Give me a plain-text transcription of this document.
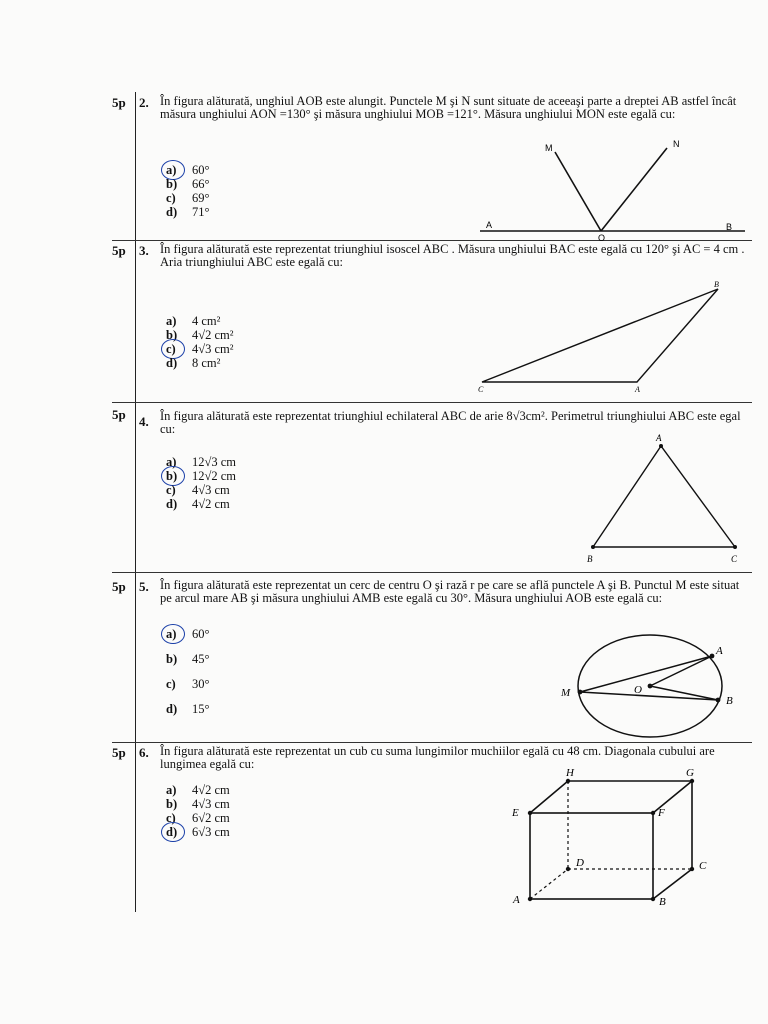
5p 2. În figura alăturată, unghiul AOB este alungit. Punctele M şi N sunt situate de aceeaşi parte a dreptei AB astfel încât măsura unghiului AON =130° şi măsura unghiului MOB =121°. Măsura unghiului MON este egală cu:
a) 60°
b) 66°
c) 69°
d) 71°
5p 3. În figura alăturată este reprezentat triunghiul isoscel ABC . Măsura unghiului BAC este egală cu 120° şi AC = 4 cm . Aria triunghiului ABC este egală cu:
a) 4 cm²
b) 4√2 cm²
c) 4√3 cm²
d) 8 cm²
5p 4. În figura alăturată este reprezentat triunghiul echilateral ABC de arie 8√3cm². Perimetrul triunghiului ABC este egal cu:
a) 12√3 cm
b) 12√2 cm
c) 4√3 cm
d) 4√2 cm
5p 5. În figura alăturată este reprezentat un cerc de centru O şi rază r pe care se află punctele A şi B. Punctul M este situat pe arcul mare AB şi măsura unghiului AMB este egală cu 30°. Măsura unghiului AOB este egală cu:
a) 60°
b) 45°
c) 30°
d) 15°
5p 6. În figura alăturată este reprezentat un cub cu suma lungimilor muchiilor egală cu 48 cm. Diagonala cubului are lungimea egală cu:
a) 4√2 cm
b) 4√3 cm
c) 6√2 cm
d) 6√3 cm
M	N
A	B
O
B
C	A
A
B	C
A
B
M	O
H	G
E	F
D	C
A	B
